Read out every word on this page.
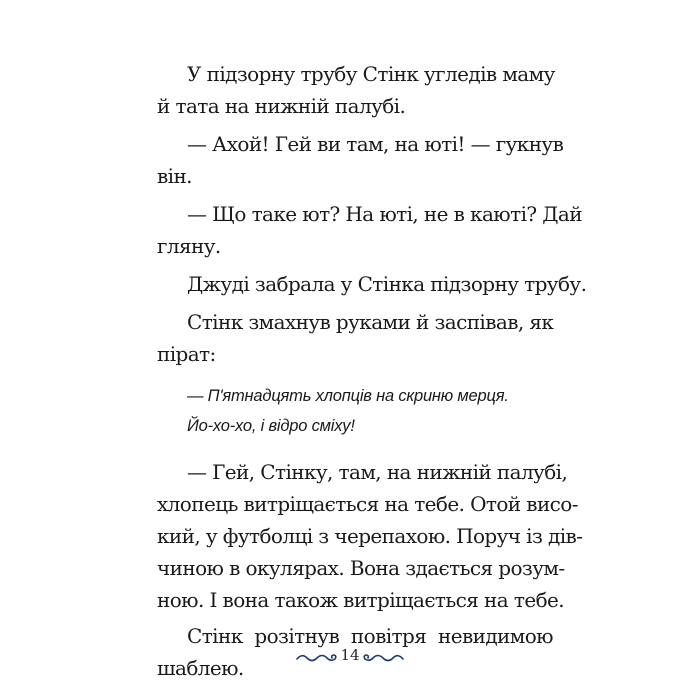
У підзорну трубу Стінк угледів маму
й тата на нижній палубі.
— Ахой! Гей ви там, на юті! — гукнув
він.
— Що таке ют? На юті, не в каюті? Дай
гляну.
Джуді забрала у Стінка підзорну трубу.
Стінк змахнув руками й заспівав, як
пірат:
— П'ятнадцять хлопців на скриню мерця.
Йо-хо-хо, і відро сміху!
— Гей, Стінку, там, на нижній палубі,
хлопець витріщається на тебе. Отой висо-
кий, у футболці з черепахою. Поруч із дів-
чиною в окулярах. Вона здається розум-
ною. І вона також витріщається на тебе.
Стінк розітнув повітря невидимою
шаблею.
14
